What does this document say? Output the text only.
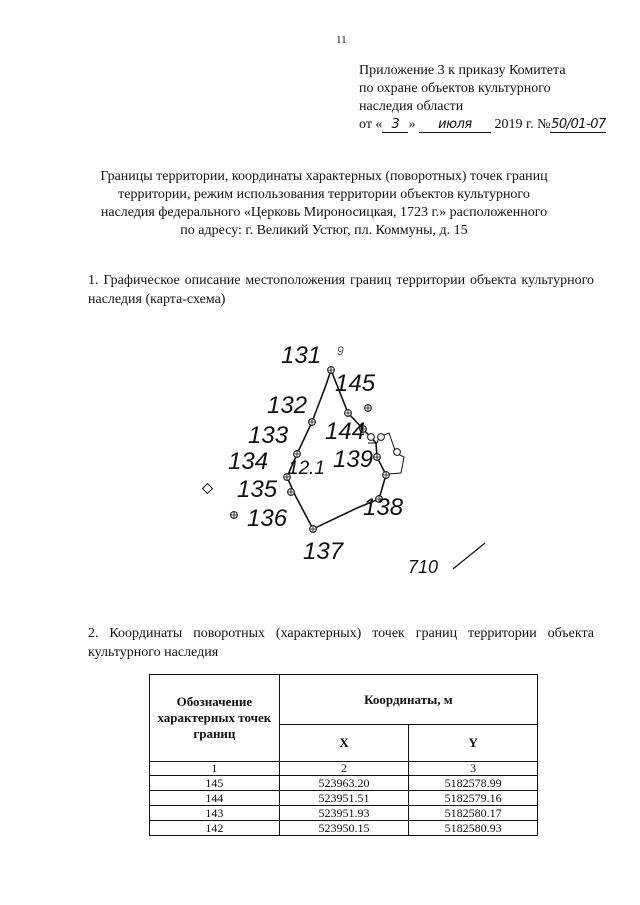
11
Приложение 3 к приказу Комитета
по охране объектов культурного
наследия области
от « 3 » июля 2019 г. №50/01-07
Границы территории, координаты характерных (поворотных) точек границ
территории, режим использования территории объектов культурного
наследия федерального «Церковь Мироносицкая, 1723 г.» расположенного
по адресу: г. Великий Устюг, пл. Коммуны, д. 15
1. Графическое описание местоположения границ территории объекта культурного наследия (карта-схема)
131
145
132
133 144
134 12.1 139
135
136	138
137
9
710
2. Координаты поворотных (характерных) точек границ территории объекта культурного наследия
Обозначение характерных точек границ	Координаты, м	
	X	Y
1	2	3
145	523963.20	5182578.99
144	523951.51	5182579.16
143	523951.93	5182580.17
142	523950.15	5182580.93
